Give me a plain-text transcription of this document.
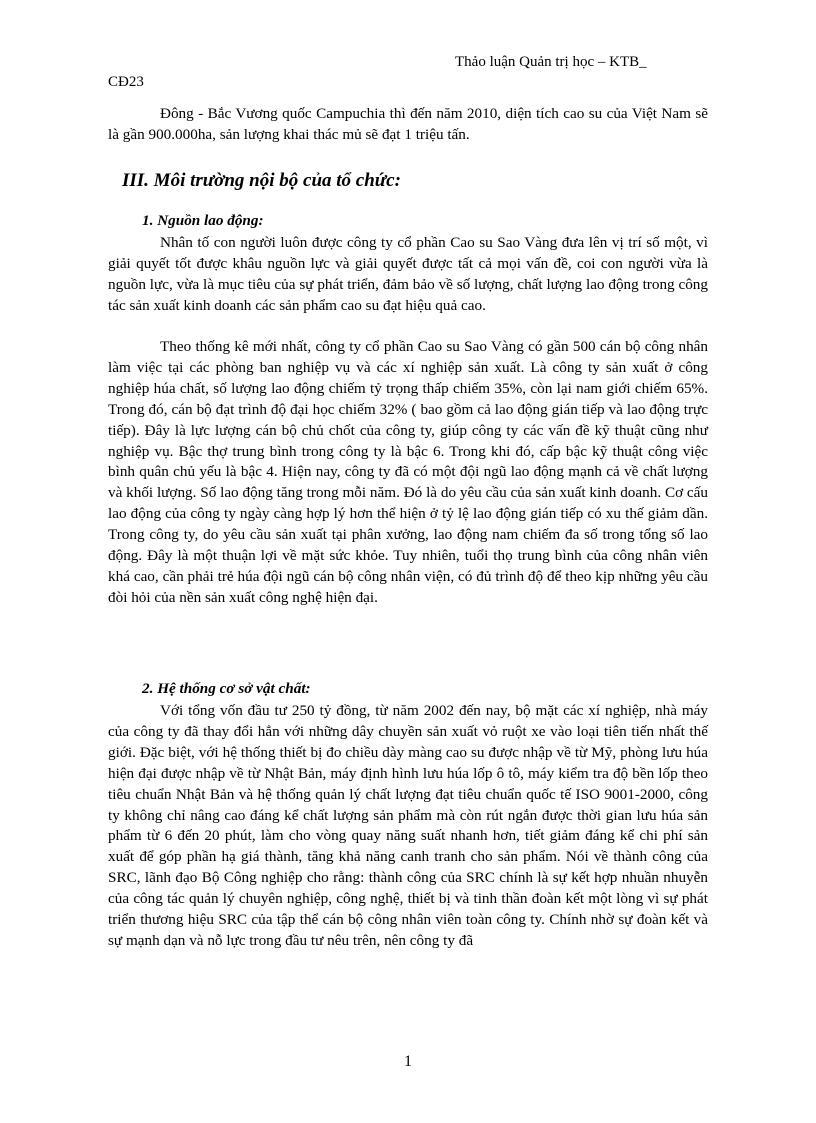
Thảo luận Quản trị học – KTB_
CĐ23

Đông - Bắc Vương quốc Campuchia thì đến năm 2010, diện tích cao su của Việt Nam sẽ là gần 900.000ha, sản lượng khai thác mủ sẽ đạt 1 triệu tấn.

III. Môi trường nội bộ của tổ chức:
1. Nguồn lao động:

Nhân tố con người luôn được công ty cổ phần Cao su Sao Vàng đưa lên vị trí số một, vì giải quyết tốt được khâu nguồn lực và giải quyết được tất cả mọi vấn đề, coi con người vừa là nguồn lực, vừa là mục tiêu của sự phát triển, đảm bảo về số lượng, chất lượng lao động trong công tác sản xuất kinh doanh các sản phẩm cao su đạt hiệu quả cao.

Theo thống kê mới nhất, công ty cổ phần Cao su Sao Vàng có gần 500 cán bộ công nhân làm việc tại các phòng ban nghiệp vụ và các xí nghiệp sản xuất. Là công ty sản xuất ở công nghiệp húa chất, số lượng lao động chiếm tỷ trọng thấp chiếm 35%, còn lại nam giới chiếm 65%. Trong đó, cán bộ đạt trình độ đại học chiếm 32% ( bao gồm cả lao động gián tiếp và lao động trực tiếp). Đây là lực lượng cán bộ chủ chốt của công ty, giúp công ty các vấn đề kỹ thuật cũng như nghiệp vụ. Bậc thợ trung bình trong công ty là bậc 6. Trong khi đó, cấp bậc kỹ thuật công việc bình quân chủ yếu là bậc 4. Hiện nay, công ty đã có một đội ngũ lao động mạnh cả về chất lượng và khối lượng. Số lao động tăng trong mỗi năm. Đó là do yêu cầu của sản xuất kinh doanh. Cơ cấu lao động của công ty ngày càng hợp lý hơn thể hiện ở tỷ lệ lao động gián tiếp có xu thế giảm dần. Trong công ty, do yêu cầu sản xuất tại phân xưởng, lao động nam chiếm đa số trong tổng số lao động. Đây là một thuận lợi về mặt sức khỏe. Tuy nhiên, tuổi thọ trung bình của công nhân viên khá cao, cần phải trẻ húa đội ngũ cán bộ công nhân viện, có đủ trình độ để theo kịp những yêu cầu đòi hỏi của nền sản xuất công nghệ hiện đại.

2. Hệ thống cơ sở vật chất:

Với tổng vốn đầu tư 250 tỷ đồng, từ năm 2002 đến nay, bộ mặt các xí nghiệp, nhà máy của công ty đã thay đổi hẳn với những dây chuyền sản xuất vỏ ruột xe vào loại tiên tiến nhất thế giới. Đặc biệt, với hệ thống thiết bị đo chiều dày màng cao su được nhập về từ Mỹ, phòng lưu húa hiện đại được nhập về từ Nhật Bản, máy định hình lưu húa lốp ô tô, máy kiểm tra độ bền lốp theo tiêu chuẩn Nhật Bản và hệ thống quản lý chất lượng đạt tiêu chuẩn quốc tế ISO 9001-2000, công ty không chỉ nâng cao đáng kể chất lượng sản phẩm mà còn rút ngắn được thời gian lưu húa sản phẩm từ 6 đến 20 phút, làm cho vòng quay năng suất nhanh hơn, tiết giảm đáng kể chi phí sản xuất để góp phần hạ giá thành, tăng khả năng canh tranh cho sản phẩm. Nói về thành công của SRC, lãnh đạo Bộ Công nghiệp cho rằng: thành công của SRC chính là sự kết hợp nhuần nhuyễn của công tác quản lý chuyên nghiệp, công nghệ, thiết bị và tinh thần đoàn kết một lòng vì sự phát triển thương hiệu SRC của tập thể cán bộ công nhân viên toàn công ty. Chính nhờ sự đoàn kết và sự mạnh dạn và nỗ lực trong đầu tư nêu trên, nên công ty đã

1
